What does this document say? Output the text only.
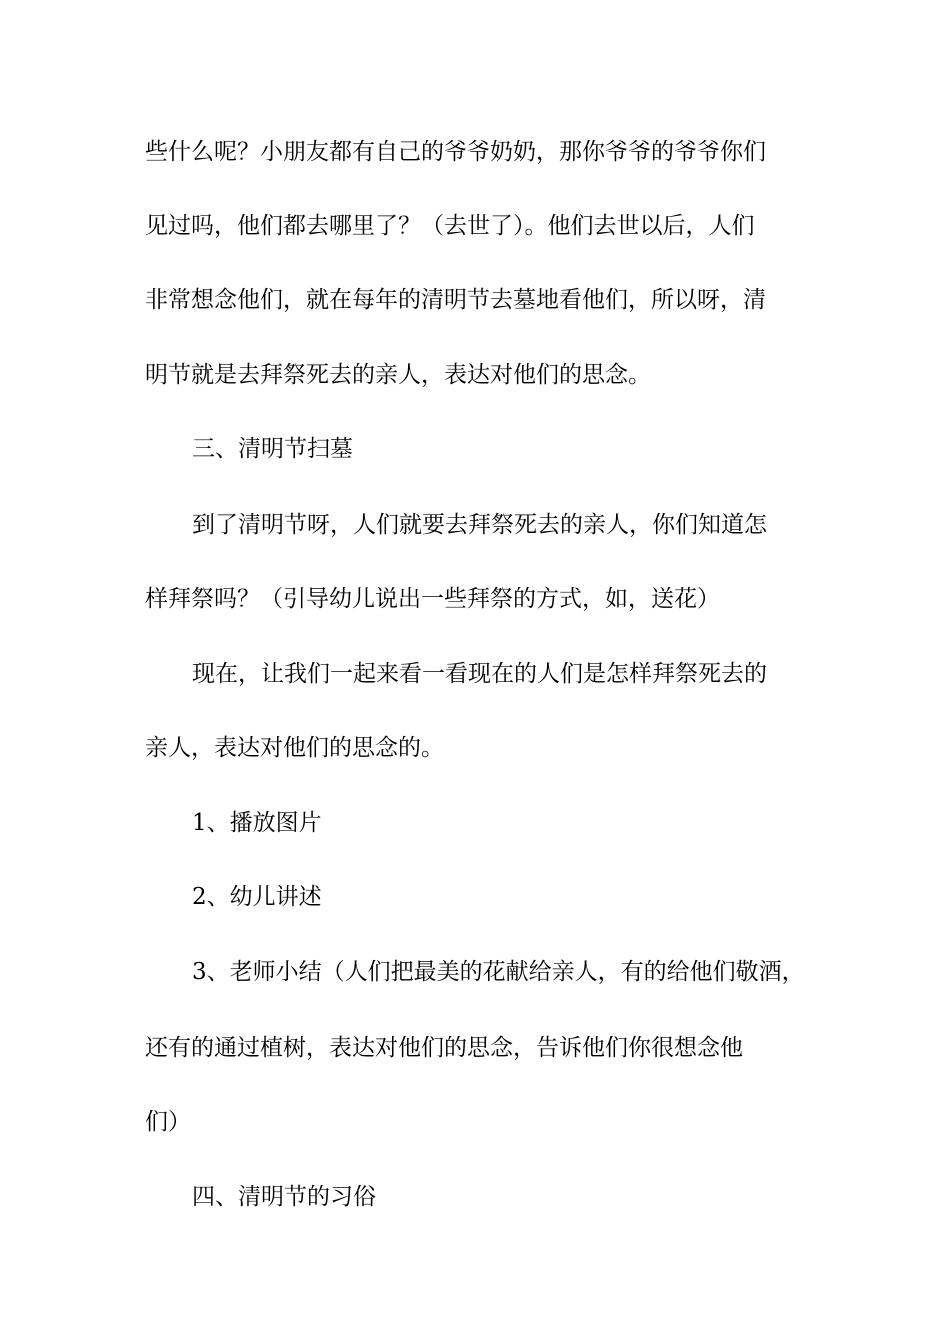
些什么呢？小朋友都有自己的爷爷奶奶，那你爷爷的爷爷你们
见过吗，他们都去哪里了？（去世了）。他们去世以后，人们
非常想念他们，就在每年的清明节去墓地看他们，所以呀，清
明节就是去拜祭死去的亲人，表达对他们的思念。
三、清明节扫墓
到了清明节呀，人们就要去拜祭死去的亲人，你们知道怎
样拜祭吗？（引导幼儿说出一些拜祭的方式，如，送花）
现在，让我们一起来看一看现在的人们是怎样拜祭死去的
亲人，表达对他们的思念的。
1、播放图片
2、幼儿讲述
3、老师小结（人们把最美的花献给亲人，有的给他们敬酒，
还有的通过植树，表达对他们的思念，告诉他们你很想念他
们）
四、清明节的习俗
